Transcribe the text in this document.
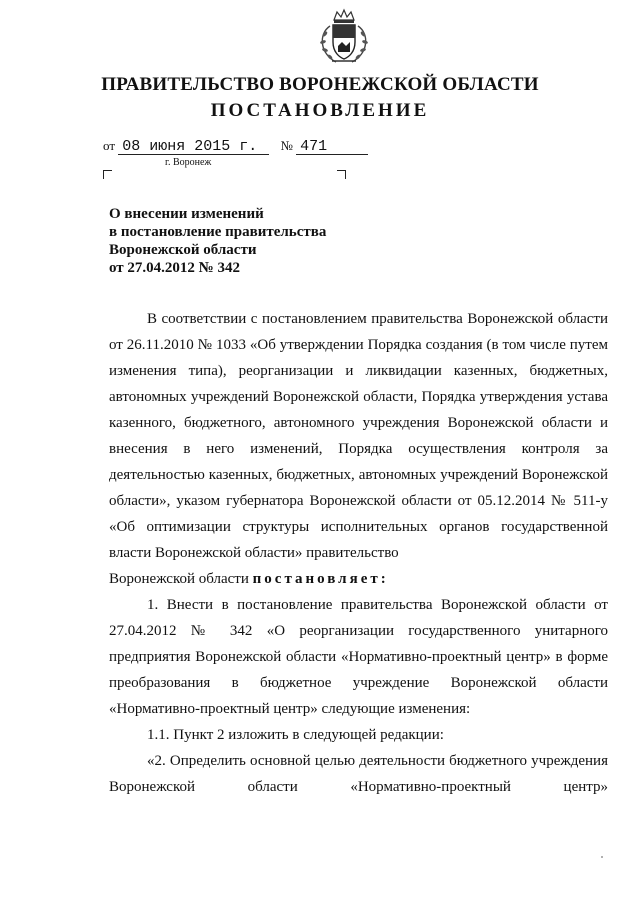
ПРАВИТЕЛЬСТВО ВОРОНЕЖСКОЙ ОБЛАСТИ
ПОСТАНОВЛЕНИЕ
от 08 июня 2015 г. № 471
г. Воронеж
О внесении изменений
в постановление правительства
Воронежской области
от 27.04.2012 № 342

В соответствии с постановлением правительства Воронежской области от 26.11.2010 № 1033 «Об утверждении Порядка создания (в том числе путем изменения типа), реорганизации и ликвидации казенных, бюджетных, автономных учреждений Воронежской области, Порядка утверждения устава казенного, бюджетного, автономного учреждения Воронежской области и внесения в него изменений, Порядка осуществления контроля за деятельностью казенных, бюджетных, автономных учреждений Воронежской области», указом губернатора Воронежской области от 05.12.2014 № 511-у «Об оптимизации структуры исполнительных органов государственной власти Воронежской области» правительство

Воронежской области постановляет:

1. Внести в постановление правительства Воронежской области от 27.04.2012 № 342 «О реорганизации государственного унитарного предприятия Воронежской области «Нормативно-проектный центр» в форме преобразования в бюджетное учреждение Воронежской области «Нормативно-проектный центр» следующие изменения:

1.1. Пункт 2 изложить в следующей редакции:

«2. Определить основной целью деятельности бюджетного учреждения Воронежской области «Нормативно-проектный центр»
